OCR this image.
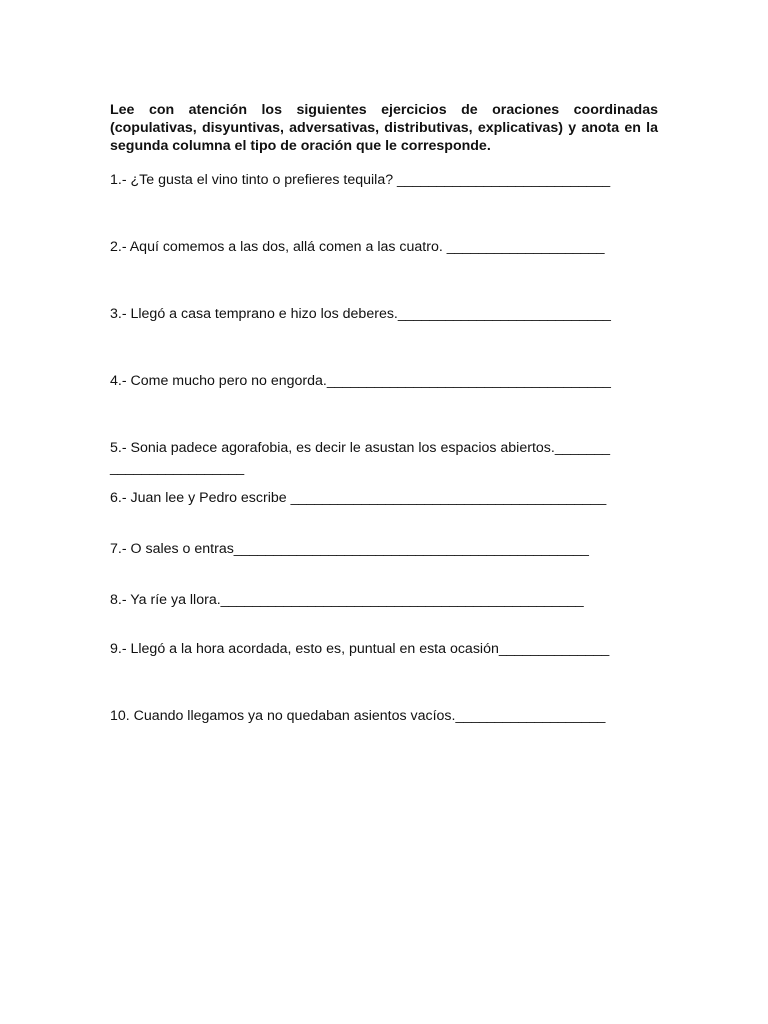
Lee con atención los siguientes ejercicios de oraciones coordinadas (copulativas, disyuntivas, adversativas, distributivas, explicativas) y anota en la segunda columna el tipo de oración que le corresponde.

1.- ¿Te gusta el vino tinto o prefieres tequila? ___________________________

2.- Aquí comemos a las dos, allá comen a las cuatro. ____________________

3.- Llegó a casa temprano e hizo los deberes.___________________________

4.- Come mucho pero no engorda.____________________________________

5.- Sonia padece agorafobia, es decir le asustan los espacios abiertos._______
_________________

6.- Juan lee y Pedro escribe ________________________________________

7.- O sales o entras_____________________________________________

8.- Ya ríe ya llora.______________________________________________

9.- Llegó a la hora acordada, esto es, puntual en esta ocasión______________

10. Cuando llegamos ya no quedaban asientos vacíos.___________________
